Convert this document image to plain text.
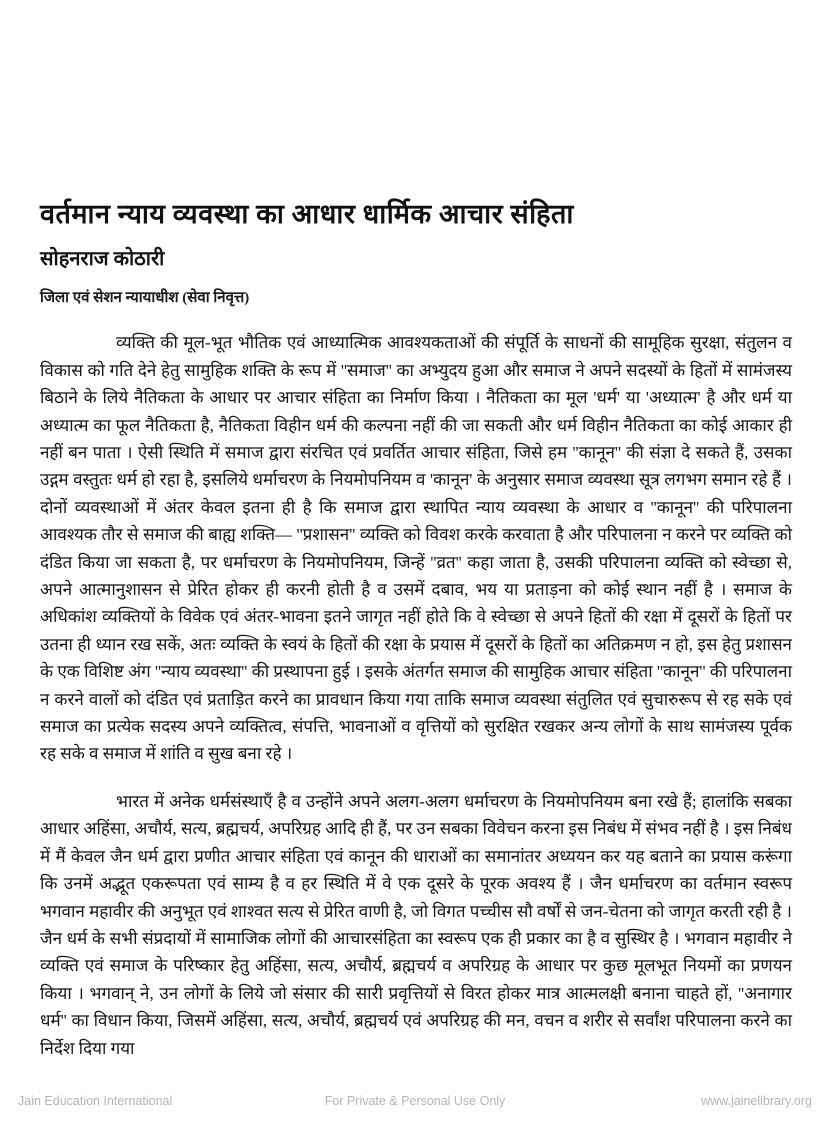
वर्तमान न्याय व्यवस्था का आधार धार्मिक आचार संहिता
सोहनराज कोठारी
जिला एवं सेशन न्यायाधीश (सेवा निवृत्त)

व्यक्ति की मूल-भूत भौतिक एवं आध्यात्मिक आवश्यकताओं की संपूर्ति के साधनों की सामूहिक सुरक्षा, संतुलन व विकास को गति देने हेतु सामुहिक शक्ति के रूप में ''समाज'' का अभ्युदय हुआ और समाज ने अपने सदस्यों के हितों में सामंजस्य बिठाने के लिये नैतिकता के आधार पर आचार संहिता का निर्माण किया । नैतिकता का मूल 'धर्म' या 'अध्यात्म' है और धर्म या अध्यात्म का फूल नैतिकता है, नैतिकता विहीन धर्म की कल्पना नहीं की जा सकती और धर्म विहीन नैतिकता का कोई आकार ही नहीं बन पाता । ऐसी स्थिति में समाज द्वारा संरचित एवं प्रवर्तित आचार संहिता, जिसे हम ''कानून'' की संज्ञा दे सकते हैं, उसका उद्गम वस्तुतः धर्म हो रहा है, इसलिये धर्माचरण के नियमोपनियम व 'कानून' के अनुसार समाज व्यवस्था सूत्र लगभग समान रहे हैं । दोनों व्यवस्थाओं में अंतर केवल इतना ही है कि समाज द्वारा स्थापित न्याय व्यवस्था के आधार व ''कानून'' की परिपालना आवश्यक तौर से समाज की बाह्य शक्ति— ''प्रशासन'' व्यक्ति को विवश करके करवाता है और परिपालना न करने पर व्यक्ति को दंडित किया जा सकता है, पर धर्माचरण के नियमोपनियम, जिन्हें ''व्रत'' कहा जाता है, उसकी परिपालना व्यक्ति को स्वेच्छा से, अपने आत्मानुशासन से प्रेरित होकर ही करनी होती है व उसमें दबाव, भय या प्रताड़ना को कोई स्थान नहीं है । समाज के अधिकांश व्यक्तियों के विवेक एवं अंतर-भावना इतने जागृत नहीं होते कि वे स्वेच्छा से अपने हितों की रक्षा में दूसरों के हितों पर उतना ही ध्यान रख सकें, अतः व्यक्ति के स्वयं के हितों की रक्षा के प्रयास में दूसरों के हितों का अतिक्रमण न हो, इस हेतु प्रशासन के एक विशिष्ट अंग ''न्याय व्यवस्था'' की प्रस्थापना हुई । इसके अंतर्गत समाज की सामुहिक आचार संहिता ''कानून'' की परिपालना न करने वालों को दंडित एवं प्रताड़ित करने का प्रावधान किया गया ताकि समाज व्यवस्था संतुलित एवं सुचारुरूप से रह सके एवं समाज का प्रत्येक सदस्य अपने व्यक्तित्व, संपत्ति, भावनाओं व वृत्तियों को सुरक्षित रखकर अन्य लोगों के साथ सामंजस्य पूर्वक रह सके व समाज में शांति व सुख बना रहे ।

भारत में अनेक धर्मसंस्थाएँ है व उन्होंने अपने अलग-अलग धर्माचरण के नियमोपनियम बना रखे हैं; हालांकि सबका आधार अहिंसा, अचौर्य, सत्य, ब्रह्मचर्य, अपरिग्रह आदि ही हैं, पर उन सबका विवेचन करना इस निबंध में संभव नहीं है । इस निबंध में मैं केवल जैन धर्म द्वारा प्रणीत आचार संहिता एवं कानून की धाराओं का समानांतर अध्ययन कर यह बताने का प्रयास करूंगा कि उनमें अद्भूत एकरूपता एवं साम्य है व हर स्थिति में वे एक दूसरे के पूरक अवश्य हैं । जैन धर्माचरण का वर्तमान स्वरूप भगवान महावीर की अनुभूत एवं शाश्वत सत्य से प्रेरित वाणी है, जो विगत पच्चीस सौ वर्षों से जन-चेतना को जागृत करती रही है । जैन धर्म के सभी संप्रदायों में सामाजिक लोगों की आचारसंहिता का स्वरूप एक ही प्रकार का है व सुस्थिर है । भगवान महावीर ने व्यक्ति एवं समाज के परिष्कार हेतु अहिंसा, सत्य, अचौर्य, ब्रह्मचर्य व अपरिग्रह के आधार पर कुछ मूलभूत नियमों का प्रणयन किया । भगवान् ने, उन लोगों के लिये जो संसार की सारी प्रवृत्तियों से विरत होकर मात्र आत्मलक्षी बनाना चाहते हों, ''अनागार धर्म'' का विधान किया, जिसमें अहिंसा, सत्य, अचौर्य, ब्रह्मचर्य एवं अपरिग्रह की मन, वचन व शरीर से सर्वांश परिपालना करने का निर्देश दिया गया

Jain Education International	For Private & Personal Use Only	www.jainelibrary.org
